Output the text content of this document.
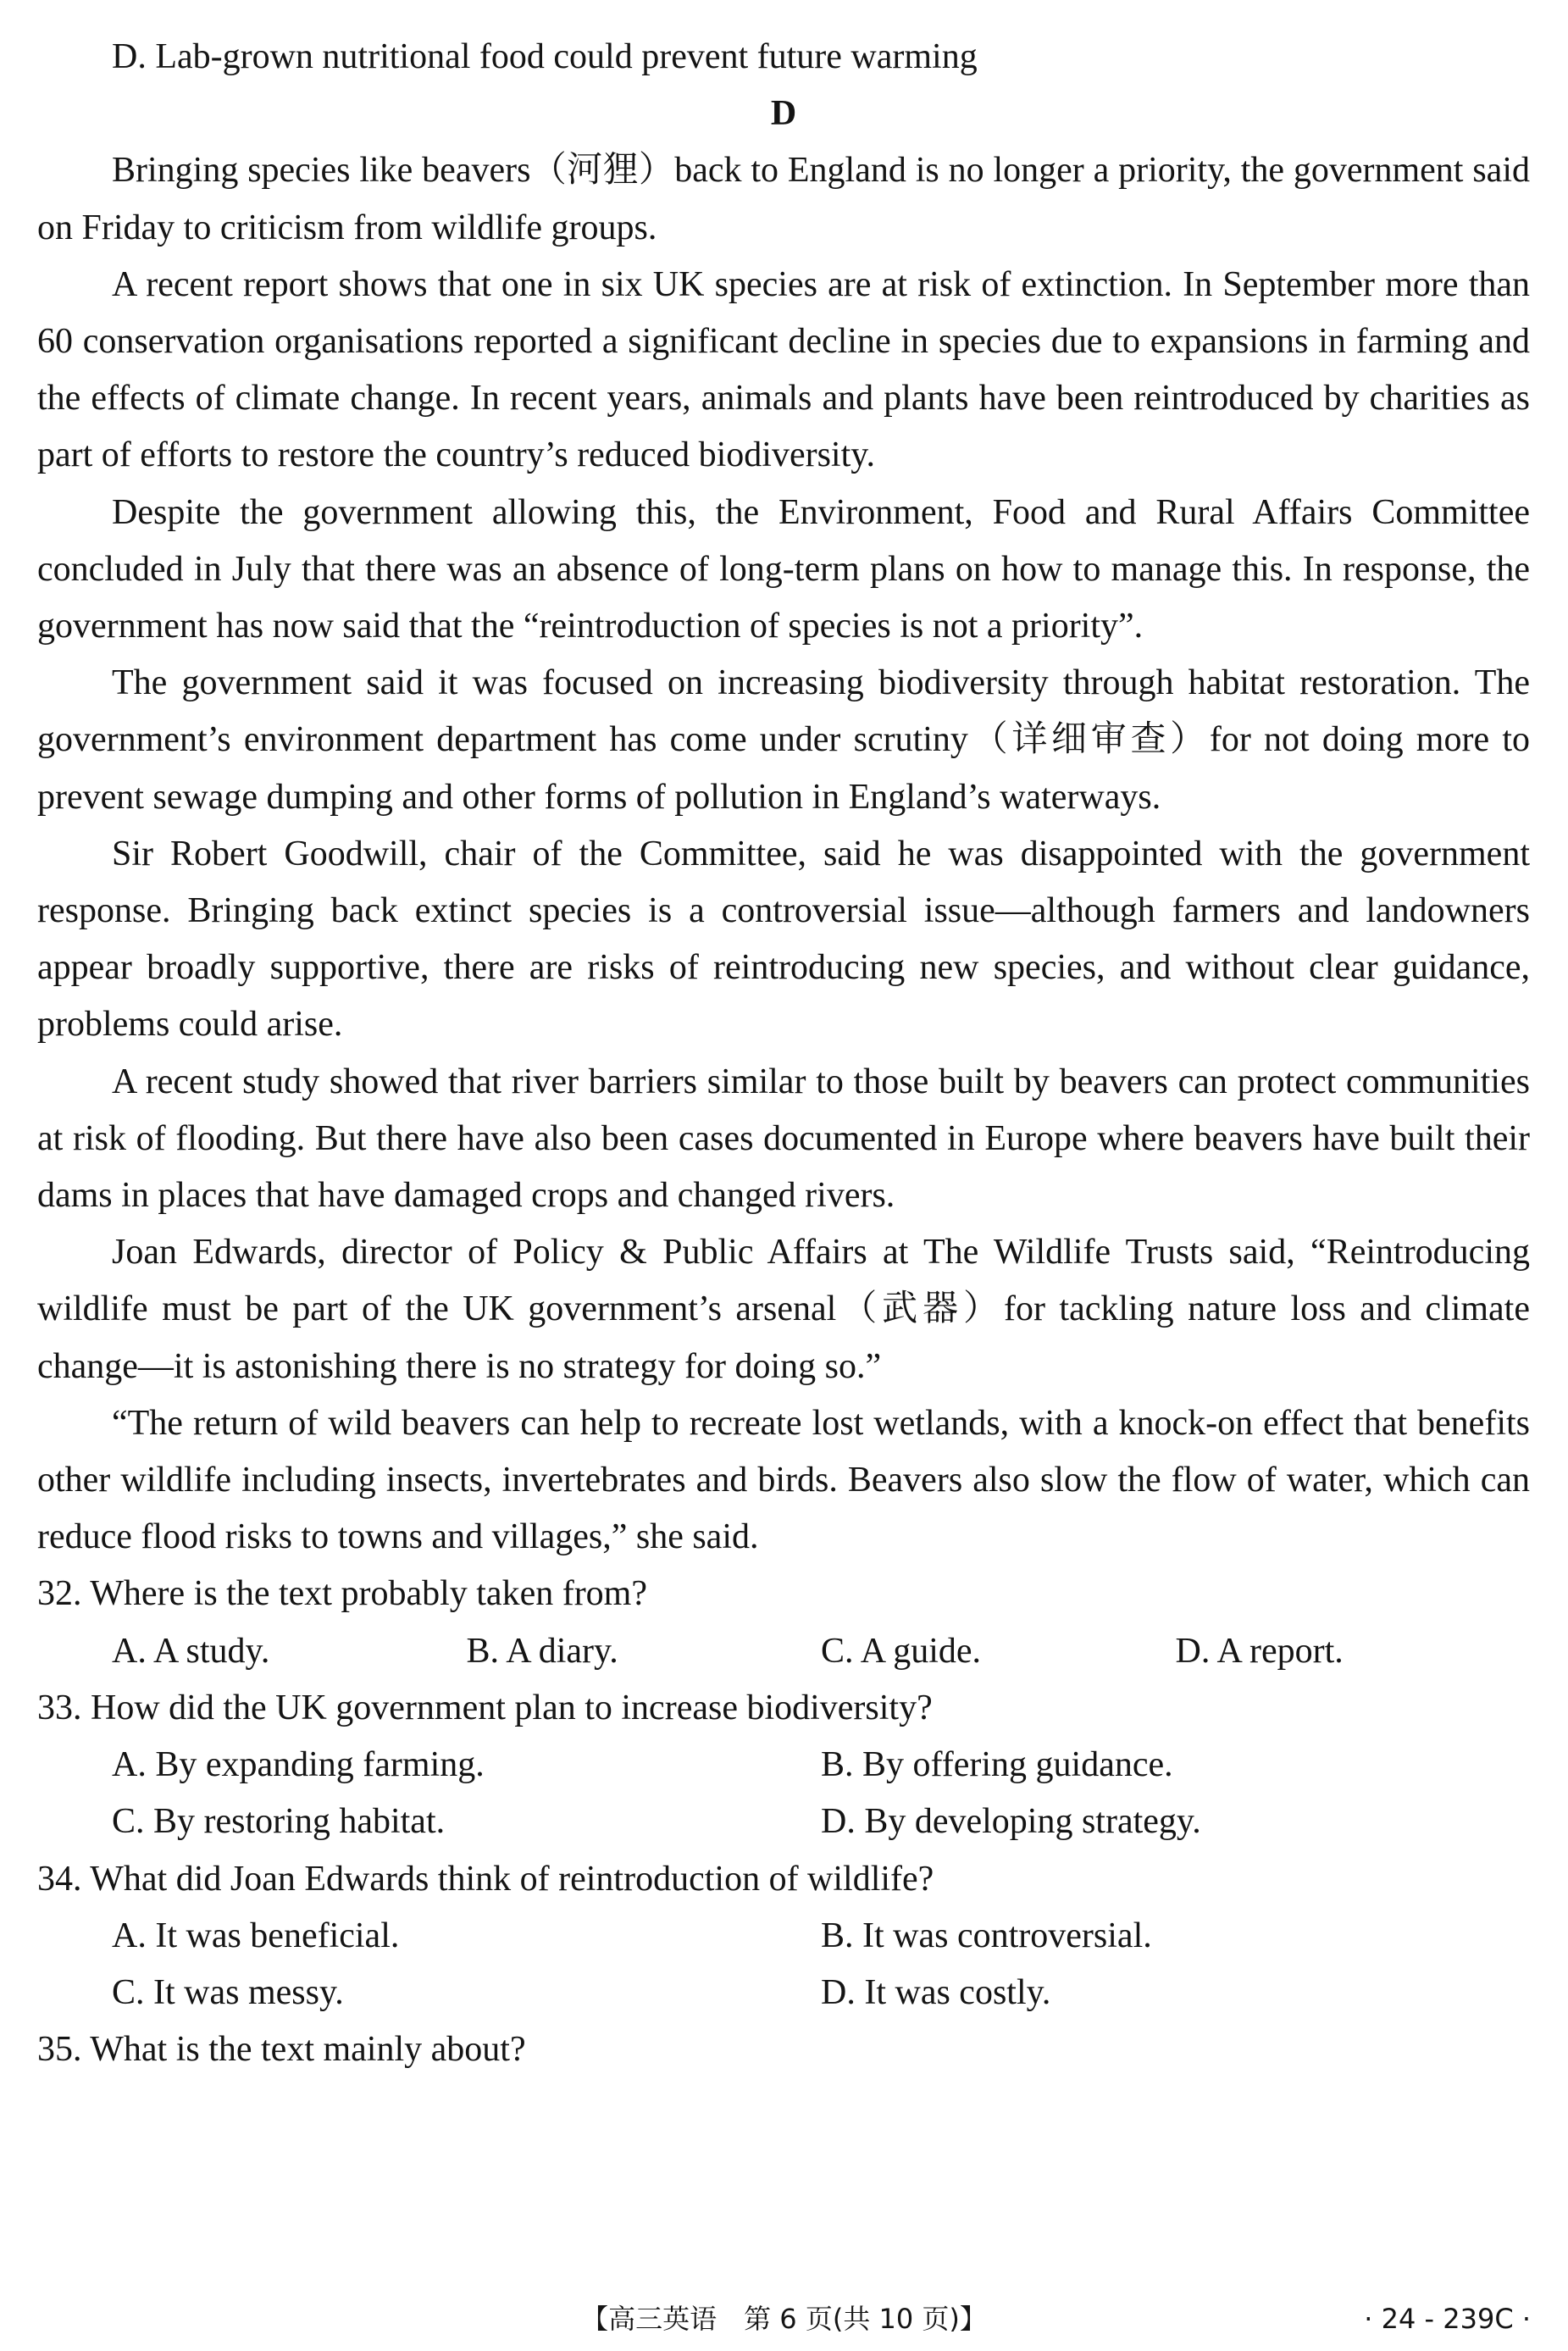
D. Lab-grown nutritional food could prevent future warming

D

Bringing species like beavers（河狸）back to England is no longer a priority, the government said on Friday to criticism from wildlife groups.

A recent report shows that one in six UK species are at risk of extinction. In September more than 60 conservation organisations reported a significant decline in species due to expansions in farming and the effects of climate change. In recent years, animals and plants have been reintroduced by charities as part of efforts to restore the country’s reduced biodiversity.

Despite the government allowing this, the Environment, Food and Rural Affairs Committee concluded in July that there was an absence of long-term plans on how to manage this. In response, the government has now said that the “reintroduction of species is not a priority”.

The government said it was focused on increasing biodiversity through habitat restoration. The government’s environment department has come under scrutiny（详细审查）for not doing more to prevent sewage dumping and other forms of pollution in England’s waterways.

Sir Robert Goodwill, chair of the Committee, said he was disappointed with the government response. Bringing back extinct species is a controversial issue—although farmers and landowners appear broadly supportive, there are risks of reintroducing new species, and without clear guidance, problems could arise.

A recent study showed that river barriers similar to those built by beavers can protect communities at risk of flooding. But there have also been cases documented in Europe where beavers have built their dams in places that have damaged crops and changed rivers.

Joan Edwards, director of Policy & Public Affairs at The Wildlife Trusts said, “Reintroducing wildlife must be part of the UK government’s arsenal（武器）for tackling nature loss and climate change—it is astonishing there is no strategy for doing so.”

“The return of wild beavers can help to recreate lost wetlands, with a knock-on effect that benefits other wildlife including insects, invertebrates and birds. Beavers also slow the flow of water, which can reduce flood risks to towns and villages,” she said.

32. Where is the text probably taken from?

A. A study.	B. A diary.	C. A guide.	D. A report.

33. How did the UK government plan to increase biodiversity?

A. By expanding farming.	B. By offering guidance.
C. By restoring habitat.	D. By developing strategy.

34. What did Joan Edwards think of reintroduction of wildlife?

A. It was beneficial.	B. It was controversial.
C. It was messy.	D. It was costly.

35. What is the text mainly about?

【高三英语　第 6 页(共 10 页)】	· 24 - 239C ·
